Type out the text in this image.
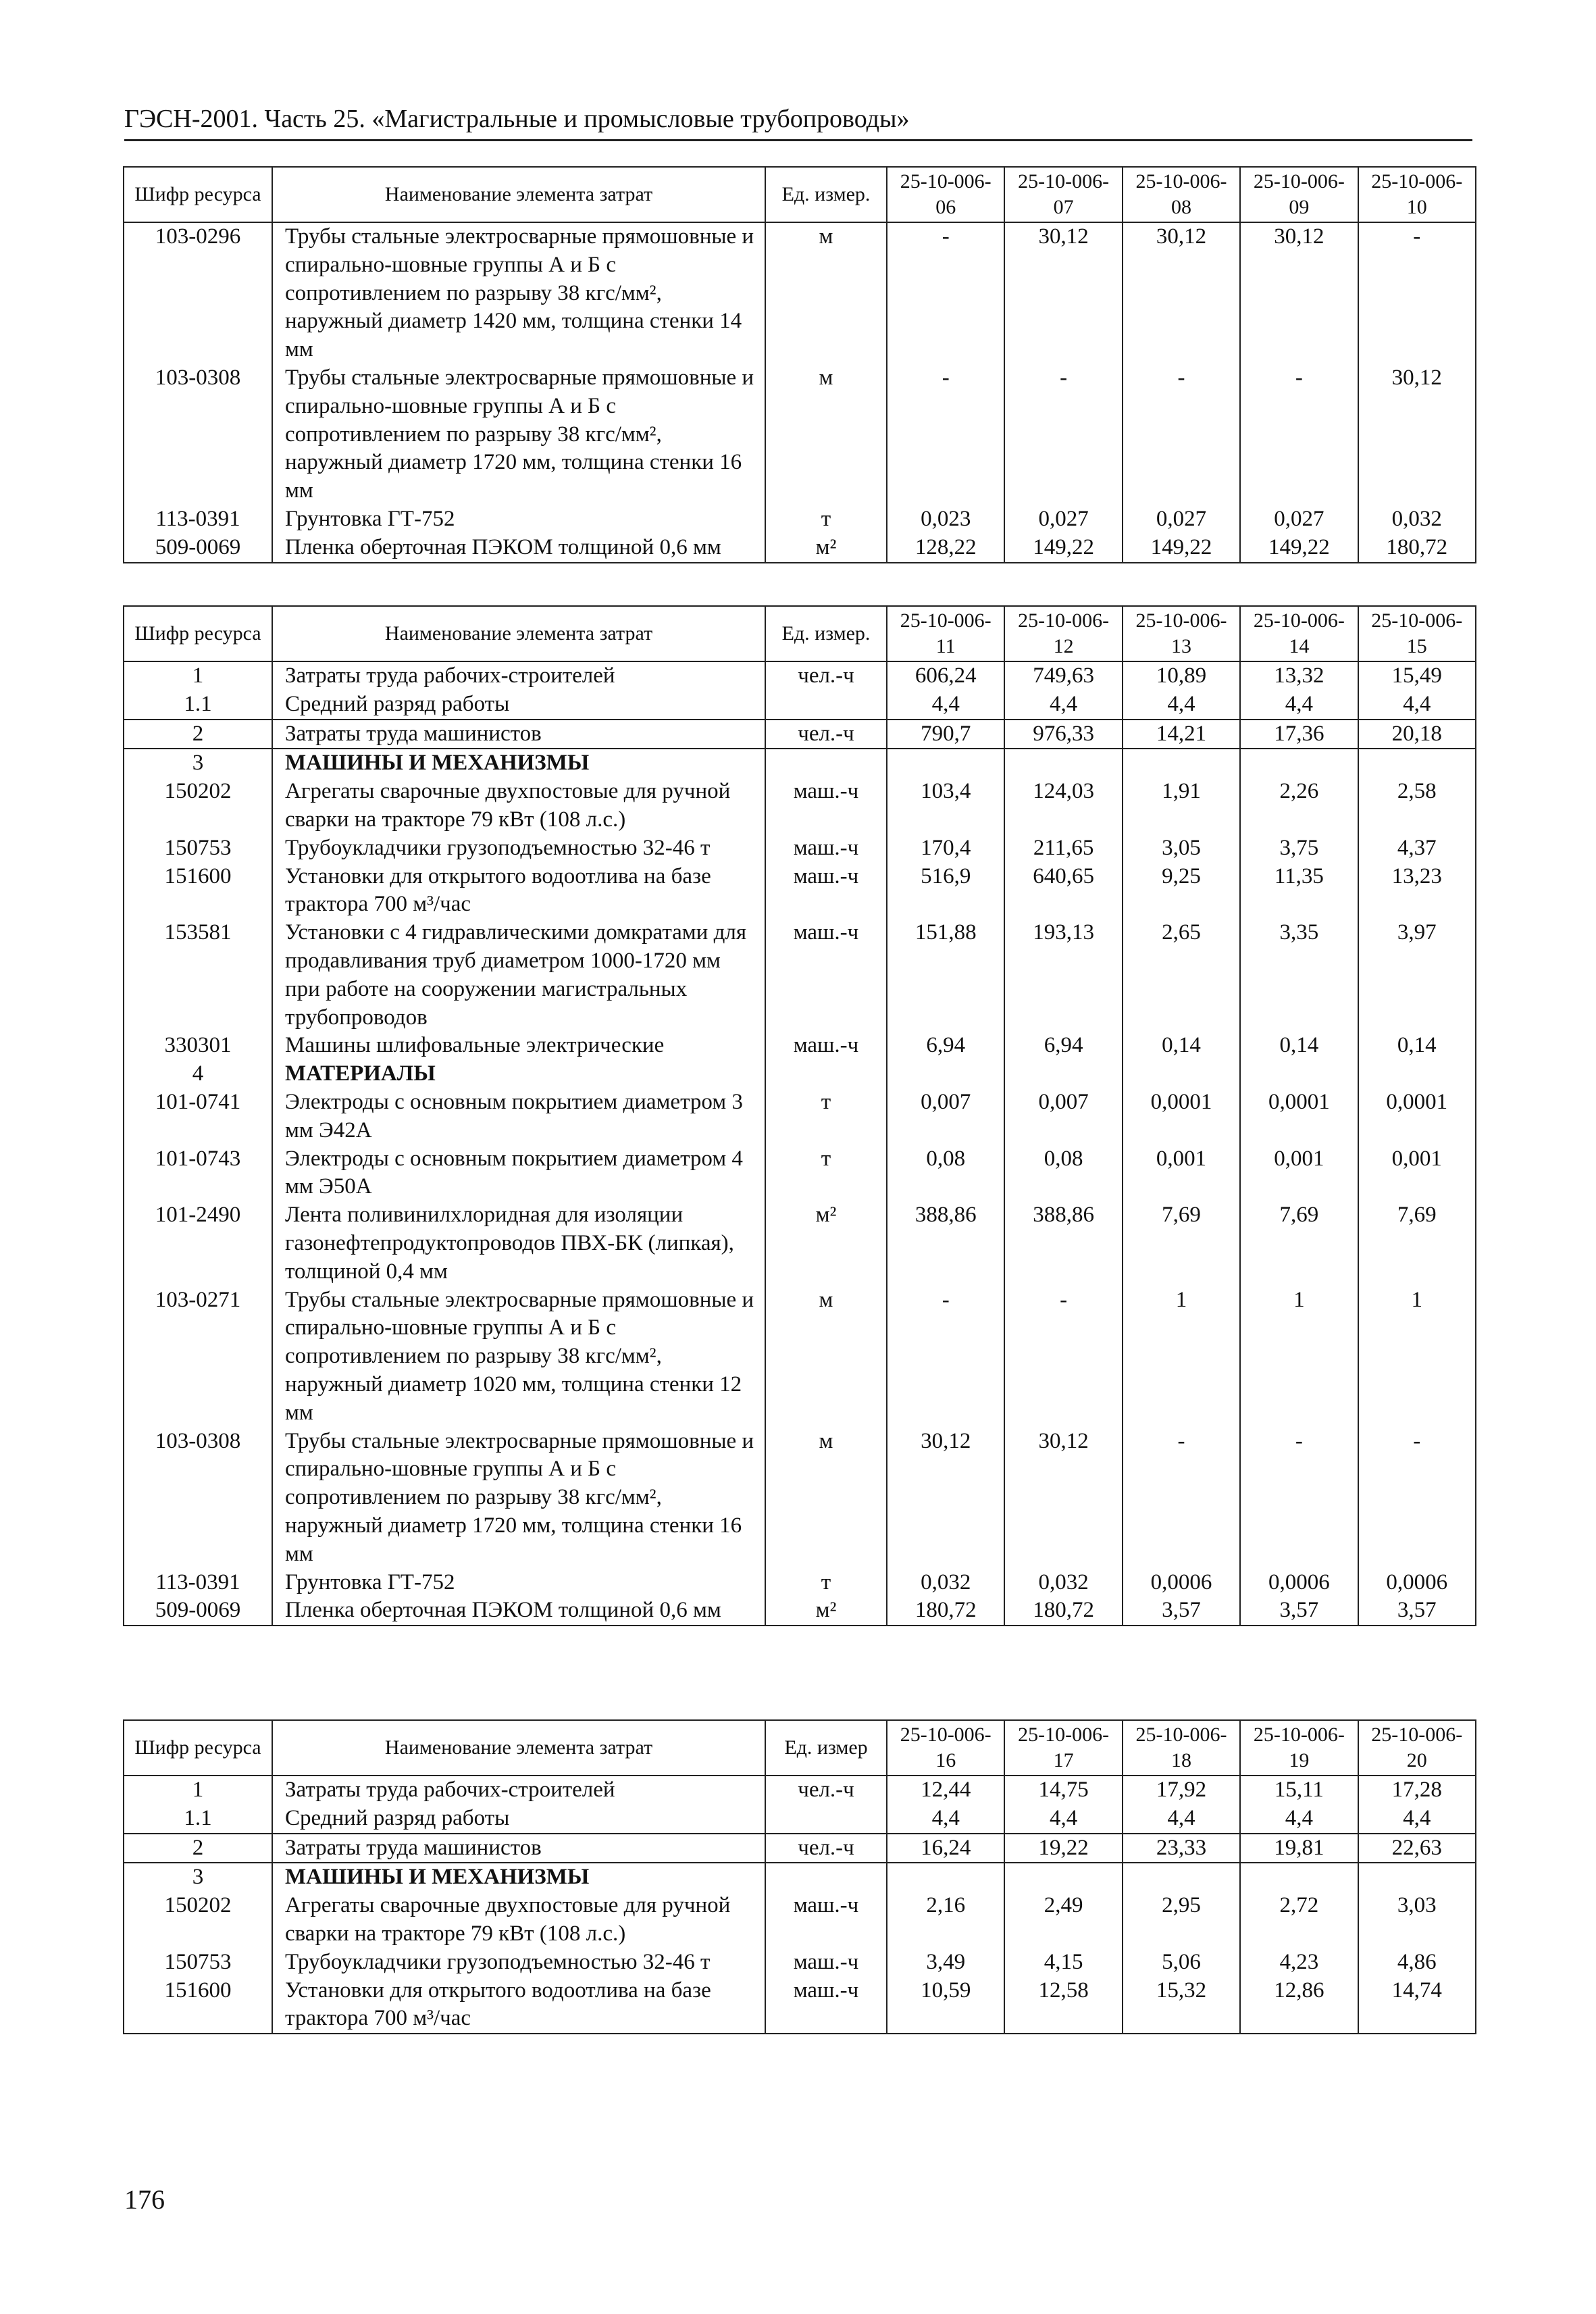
ГЭСН-2001. Часть 25. «Магистральные и промысловые трубопроводы»
Шифр ресурса	Наименование элемента затрат	Ед. измер.	25-10-006-06	25-10-006-07	25-10-006-08	25-10-006-09	25-10-006-10
103-0296	Трубы стальные электросварные прямошовные и спирально-шовные группы А и Б с сопротивлением по разрыву 38 кгс/мм², наружный диаметр 1420 мм, толщина стенки 14 мм	м	-	30,12	30,12	30,12	-
103-0308	Трубы стальные электросварные прямошовные и спирально-шовные группы А и Б с сопротивлением по разрыву 38 кгс/мм², наружный диаметр 1720 мм, толщина стенки 16 мм	м	-	-	-	-	30,12
113-0391	Грунтовка ГТ-752	т	0,023	0,027	0,027	0,027	0,032
509-0069	Пленка оберточная ПЭКОМ толщиной 0,6 мм	м²	128,22	149,22	149,22	149,22	180,72
Шифр ресурса	Наименование элемента затрат	Ед. измер.	25-10-006-11	25-10-006-12	25-10-006-13	25-10-006-14	25-10-006-15
1	Затраты труда рабочих-строителей	чел.-ч	606,24	749,63	10,89	13,32	15,49
1.1	Средний разряд работы		4,4	4,4	4,4	4,4	4,4
2	Затраты труда машинистов	чел.-ч	790,7	976,33	14,21	17,36	20,18
3	МАШИНЫ И МЕХАНИЗМЫ						
150202	Агрегаты сварочные двухпостовые для ручной сварки на тракторе 79 кВт (108 л.с.)	маш.-ч	103,4	124,03	1,91	2,26	2,58
150753	Трубоукладчики грузоподъемностью 32-46 т	маш.-ч	170,4	211,65	3,05	3,75	4,37
151600	Установки для открытого водоотлива на базе трактора 700 м³/час	маш.-ч	516,9	640,65	9,25	11,35	13,23
153581	Установки с 4 гидравлическими домкратами для продавливания труб диаметром 1000-1720 мм при работе на сооружении магистральных трубопроводов	маш.-ч	151,88	193,13	2,65	3,35	3,97
330301	Машины шлифовальные электрические	маш.-ч	6,94	6,94	0,14	0,14	0,14
4	МАТЕРИАЛЫ						
101-0741	Электроды с основным покрытием диаметром 3 мм Э42А	т	0,007	0,007	0,0001	0,0001	0,0001
101-0743	Электроды с основным покрытием диаметром 4 мм Э50А	т	0,08	0,08	0,001	0,001	0,001
101-2490	Лента поливинилхлоридная для изоляции газонефтепродуктопроводов ПВХ-БК (липкая), толщиной 0,4 мм	м²	388,86	388,86	7,69	7,69	7,69
103-0271	Трубы стальные электросварные прямошовные и спирально-шовные группы А и Б с сопротивлением по разрыву 38 кгс/мм², наружный диаметр 1020 мм, толщина стенки 12 мм	м	-	-	1	1	1
103-0308	Трубы стальные электросварные прямошовные и спирально-шовные группы А и Б с сопротивлением по разрыву 38 кгс/мм², наружный диаметр 1720 мм, толщина стенки 16 мм	м	30,12	30,12	-	-	-
113-0391	Грунтовка ГТ-752	т	0,032	0,032	0,0006	0,0006	0,0006
509-0069	Пленка оберточная ПЭКОМ толщиной 0,6 мм	м²	180,72	180,72	3,57	3,57	3,57
Шифр ресурса	Наименование элемента затрат	Ед. измер	25-10-006-16	25-10-006-17	25-10-006-18	25-10-006-19	25-10-006-20
1	Затраты труда рабочих-строителей	чел.-ч	12,44	14,75	17,92	15,11	17,28
1.1	Средний разряд работы		4,4	4,4	4,4	4,4	4,4
2	Затраты труда машинистов	чел.-ч	16,24	19,22	23,33	19,81	22,63
3	МАШИНЫ И МЕХАНИЗМЫ						
150202	Агрегаты сварочные двухпостовые для ручной сварки на тракторе 79 кВт (108 л.с.)	маш.-ч	2,16	2,49	2,95	2,72	3,03
150753	Трубоукладчики грузоподъемностью 32-46 т	маш.-ч	3,49	4,15	5,06	4,23	4,86
151600	Установки для открытого водоотлива на базе трактора 700 м³/час	маш.-ч	10,59	12,58	15,32	12,86	14,74
176
